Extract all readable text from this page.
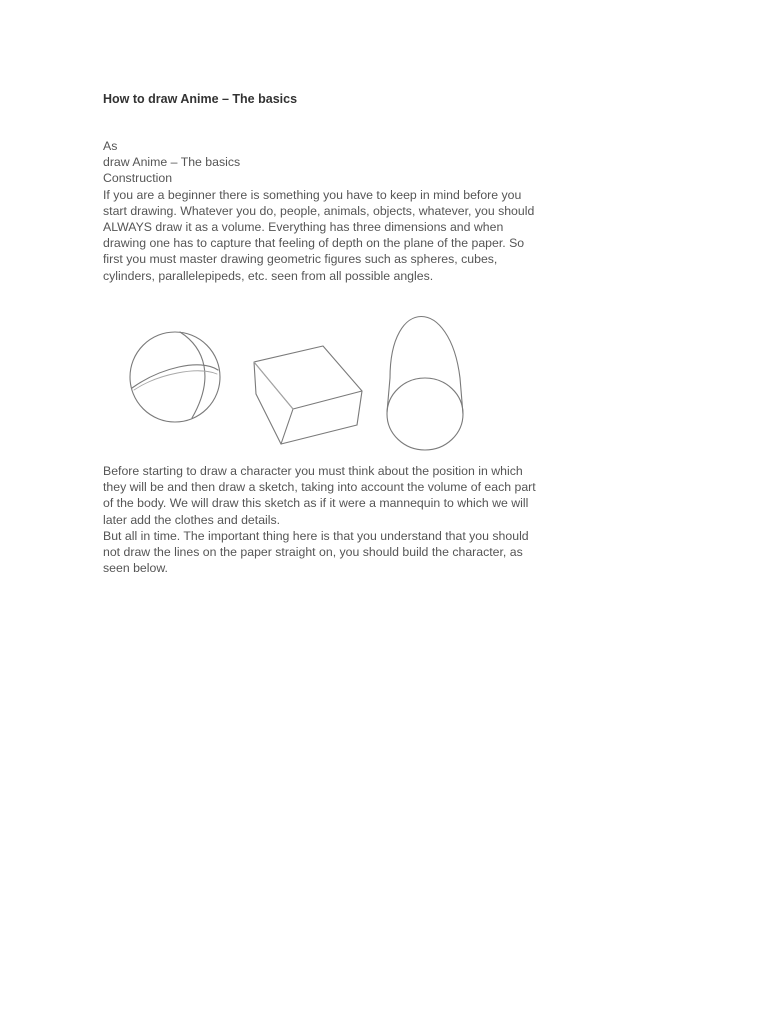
How to draw Anime – The basics

As

draw Anime – The basics

Construction

If you are a beginner there is something you have to keep in mind before you start drawing. Whatever you do, people, animals, objects, whatever, you should ALWAYS draw it as a volume. Everything has three dimensions and when drawing one has to capture that feeling of depth on the plane of the paper. So first you must master drawing geometric figures such as spheres, cubes, cylinders, parallelepipeds, etc. seen from all possible angles.

Before starting to draw a character you must think about the position in which they will be and then draw a sketch, taking into account the volume of each part of the body. We will draw this sketch as if it were a mannequin to which we will later add the clothes and details.

But all in time. The important thing here is that you understand that you should not draw the lines on the paper straight on, you should build the character, as seen below.
